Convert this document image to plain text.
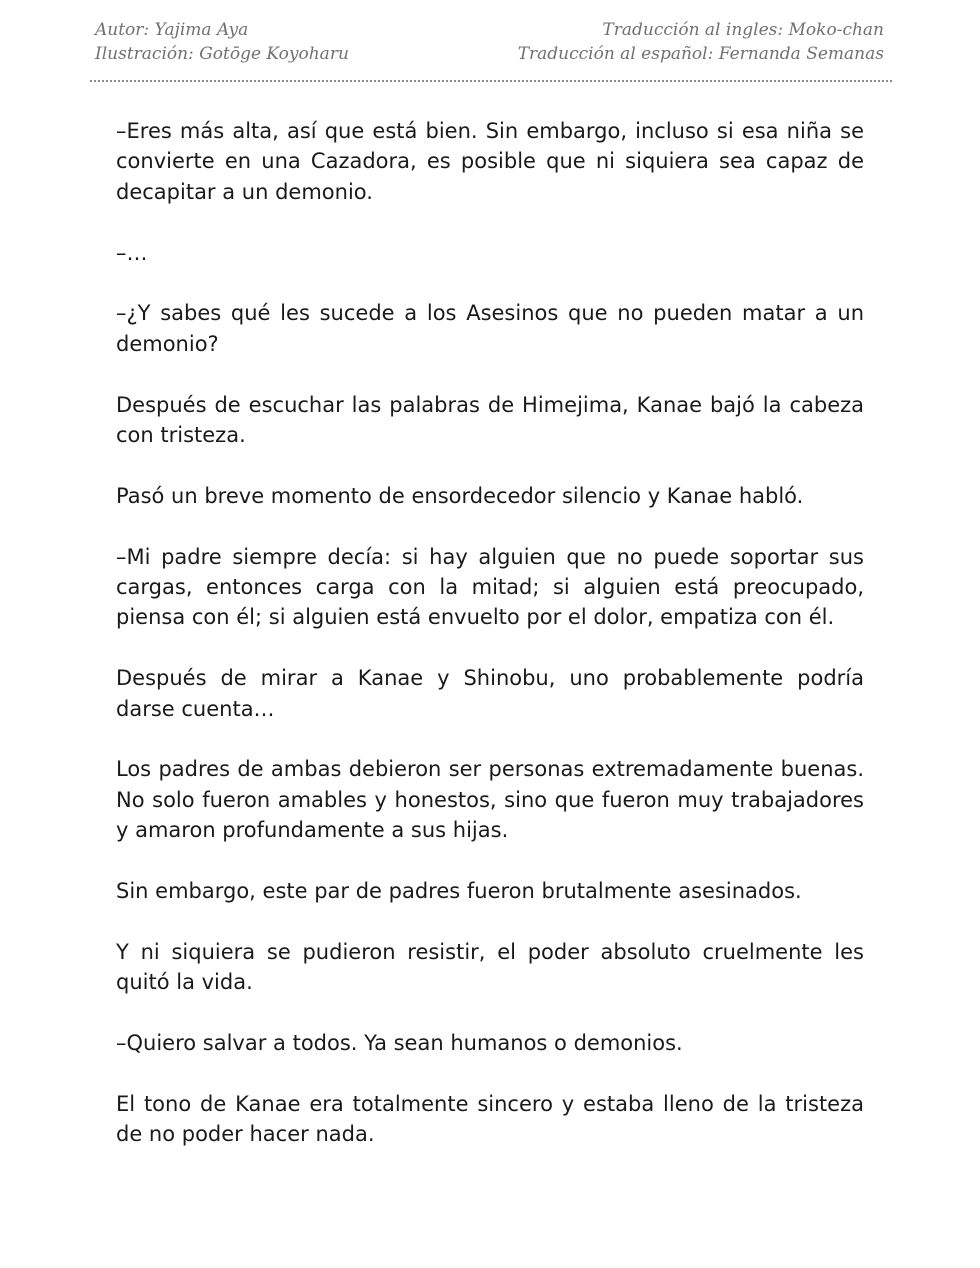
Autor: Yajima Aya
Ilustración: Gotōge Koyoharu
Traducción al ingles: Moko-chan
Traducción al español: Fernanda Semanas

–Eres más alta, así que está bien. Sin embargo, incluso si esa niña se convierte en una Cazadora, es posible que ni siquiera sea capaz de decapitar a un demonio.

–…

–¿Y sabes qué les sucede a los Asesinos que no pueden matar a un demonio?

Después de escuchar las palabras de Himejima, Kanae bajó la cabeza con tristeza.

Pasó un breve momento de ensordecedor silencio y Kanae habló.

–Mi padre siempre decía: si hay alguien que no puede soportar sus cargas, entonces carga con la mitad; si alguien está preocupado, piensa con él; si alguien está envuelto por el dolor, empatiza con él.

Después de mirar a Kanae y Shinobu, uno probablemente podría darse cuenta…

Los padres de ambas debieron ser personas extremadamente buenas. No solo fueron amables y honestos, sino que fueron muy trabajadores y amaron profundamente a sus hijas.

Sin embargo, este par de padres fueron brutalmente asesinados.

Y ni siquiera se pudieron resistir, el poder absoluto cruelmente les quitó la vida.

–Quiero salvar a todos. Ya sean humanos o demonios.

El tono de Kanae era totalmente sincero y estaba lleno de la tristeza de no poder hacer nada.
